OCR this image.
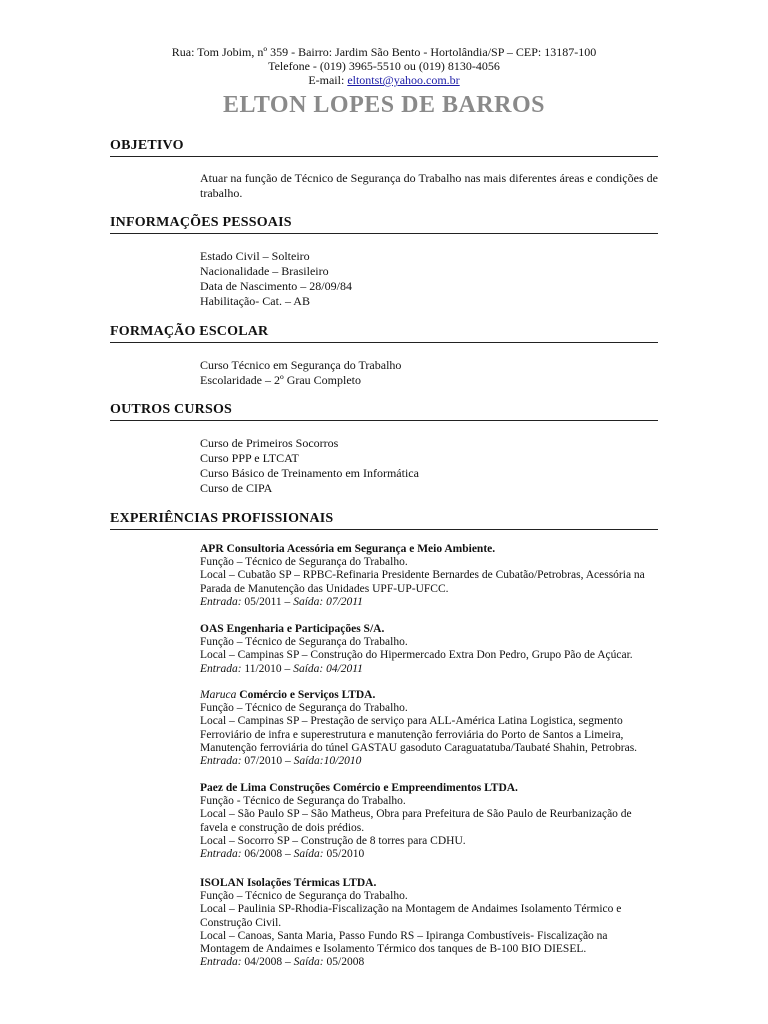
Rua: Tom Jobim, nº 359 - Bairro: Jardim São Bento - Hortolândia/SP – CEP: 13187-100
Telefone - (019) 3965-5510 ou (019) 8130-4056
E-mail: eltontst@yahoo.com.br
ELTON LOPES DE BARROS
OBJETIVO
Atuar na função de Técnico de Segurança do Trabalho nas mais diferentes áreas e condições de trabalho.
INFORMAÇÕES PESSOAIS
Estado Civil – Solteiro
Nacionalidade – Brasileiro
Data de Nascimento – 28/09/84
Habilitação- Cat. – AB
FORMAÇÃO ESCOLAR
Curso Técnico em Segurança do Trabalho
Escolaridade – 2º Grau Completo
OUTROS CURSOS
Curso de Primeiros Socorros
Curso PPP e LTCAT
Curso Básico de Treinamento em Informática
Curso de CIPA
EXPERIÊNCIAS PROFISSIONAIS
APR Consultoria Acessória em Segurança e Meio Ambiente.
Função – Técnico de Segurança do Trabalho.
Local – Cubatão SP – RPBC-Refinaria Presidente Bernardes de Cubatão/Petrobras, Acessória na
Parada de Manutenção das Unidades UPF-UP-UFCC.
Entrada: 05/2011 – Saída: 07/2011
OAS Engenharia e Participações S/A.
Função – Técnico de Segurança do Trabalho.
Local – Campinas SP – Construção do Hipermercado Extra Don Pedro, Grupo Pão de Açúcar.
Entrada: 11/2010 – Saída: 04/2011
Maruca Comércio e Serviços LTDA.
Função – Técnico de Segurança do Trabalho.
Local – Campinas SP – Prestação de serviço para ALL-América Latina Logistica, segmento
Ferroviário de infra e superestrutura e manutenção ferroviária do Porto de Santos a Limeira,
Manutenção ferroviária do túnel GASTAU gasoduto Caraguatatuba/Taubaté Shahin, Petrobras.
Entrada: 07/2010 – Saída:10/2010
Paez de Lima Construções Comércio e Empreendimentos LTDA.
Função - Técnico de Segurança do Trabalho.
Local – São Paulo SP – São Matheus, Obra para Prefeitura de São Paulo de Reurbanização de
favela e construção de dois prédios.
Local – Socorro SP – Construção de 8 torres para CDHU.
Entrada: 06/2008 – Saída: 05/2010
ISOLAN Isolações Térmicas LTDA.
Função – Técnico de Segurança do Trabalho.
Local – Paulinia SP-Rhodia-Fiscalização na Montagem de Andaimes Isolamento Térmico e
Construção Civil.
Local – Canoas, Santa Maria, Passo Fundo RS – Ipiranga Combustíveis- Fiscalização na
Montagem de Andaimes e Isolamento Térmico dos tanques de B-100 BIO DIESEL.
Entrada: 04/2008 – Saída: 05/2008
